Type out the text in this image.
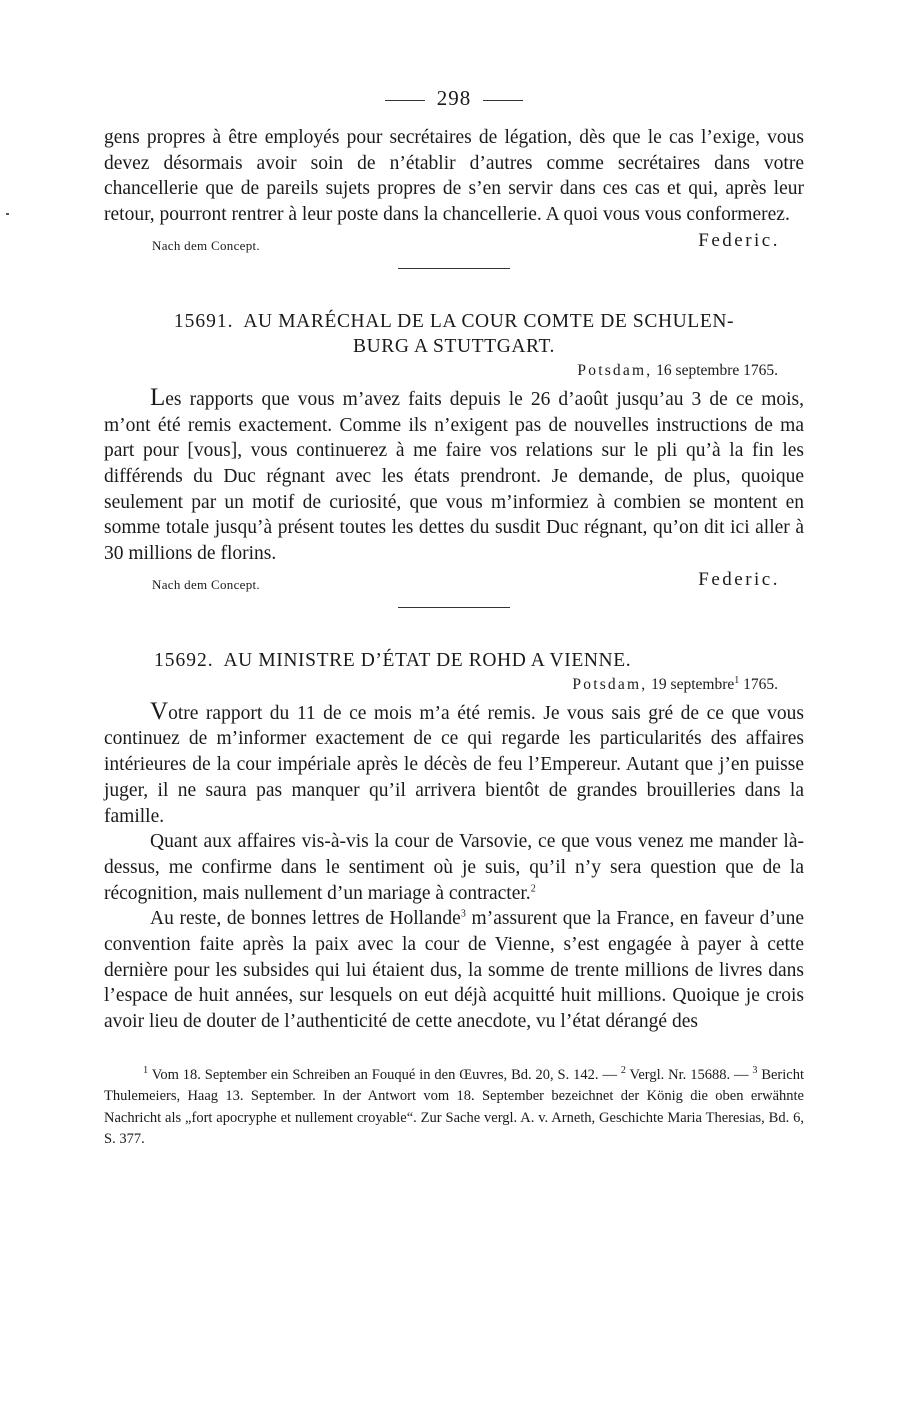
298

gens propres à être employés pour secrétaires de légation, dès que le cas l’exige, vous devez désormais avoir soin de n’établir d’autres comme secrétaires dans votre chancellerie que de pareils sujets propres de s’en servir dans ces cas et qui, après leur retour, pourront rentrer à leur poste dans la chancellerie. A quoi vous vous conformerez.

Nach dem Concept.	Federic.
15691. AU MARÉCHAL DE LA COUR COMTE DE SCHULEN-
BURG A STUTTGART.
Potsdam, 16 septembre 1765.

Les rapports que vous m’avez faits depuis le 26 d’août jusqu’au 3 de ce mois, m’ont été remis exactement. Comme ils n’exigent pas de nouvelles instructions de ma part pour [vous], vous continuerez à me faire vos relations sur le pli qu’à la fin les différends du Duc régnant avec les états prendront. Je demande, de plus, quoique seulement par un motif de curiosité, que vous m’informiez à combien se montent en somme totale jusqu’à présent toutes les dettes du susdit Duc régnant, qu’on dit ici aller à 30 millions de florins.

Nach dem Concept.	Federic.
15692. AU MINISTRE D’ÉTAT DE ROHD A VIENNE.
Potsdam, 19 septembre$^1$ 1765.

Votre rapport du 11 de ce mois m’a été remis. Je vous sais gré de ce que vous continuez de m’informer exactement de ce qui regarde les particularités des affaires intérieures de la cour impériale après le décès de feu l’Empereur. Autant que j’en puisse juger, il ne saura pas manquer qu’il arrivera bientôt de grandes brouilleries dans la famille.

Quant aux affaires vis-à-vis la cour de Varsovie, ce que vous venez me mander là-dessus, me confirme dans le sentiment où je suis, qu’il n’y sera question que de la récognition, mais nullement d’un mariage à contracter.$^2$

Au reste, de bonnes lettres de Hollande$^3$ m’assurent que la France, en faveur d’une convention faite après la paix avec la cour de Vienne, s’est engagée à payer à cette dernière pour les subsides qui lui étaient dus, la somme de trente millions de livres dans l’espace de huit années, sur lesquels on eut déjà acquitté huit millions. Quoique je crois avoir lieu de douter de l’authenticité de cette anecdote, vu l’état dérangé des

$^1$ Vom 18. September ein Schreiben an Fouqué in den Œuvres, Bd. 20, S. 142. — $^2$ Vergl. Nr. 15688. — $^3$ Bericht Thulemeiers, Haag 13. September. In der Antwort vom 18. September bezeichnet der König die oben erwähnte Nachricht als „fort apocryphe et nullement croyable“. Zur Sache vergl. A. v. Arneth, Geschichte Maria Theresias, Bd. 6, S. 377.
